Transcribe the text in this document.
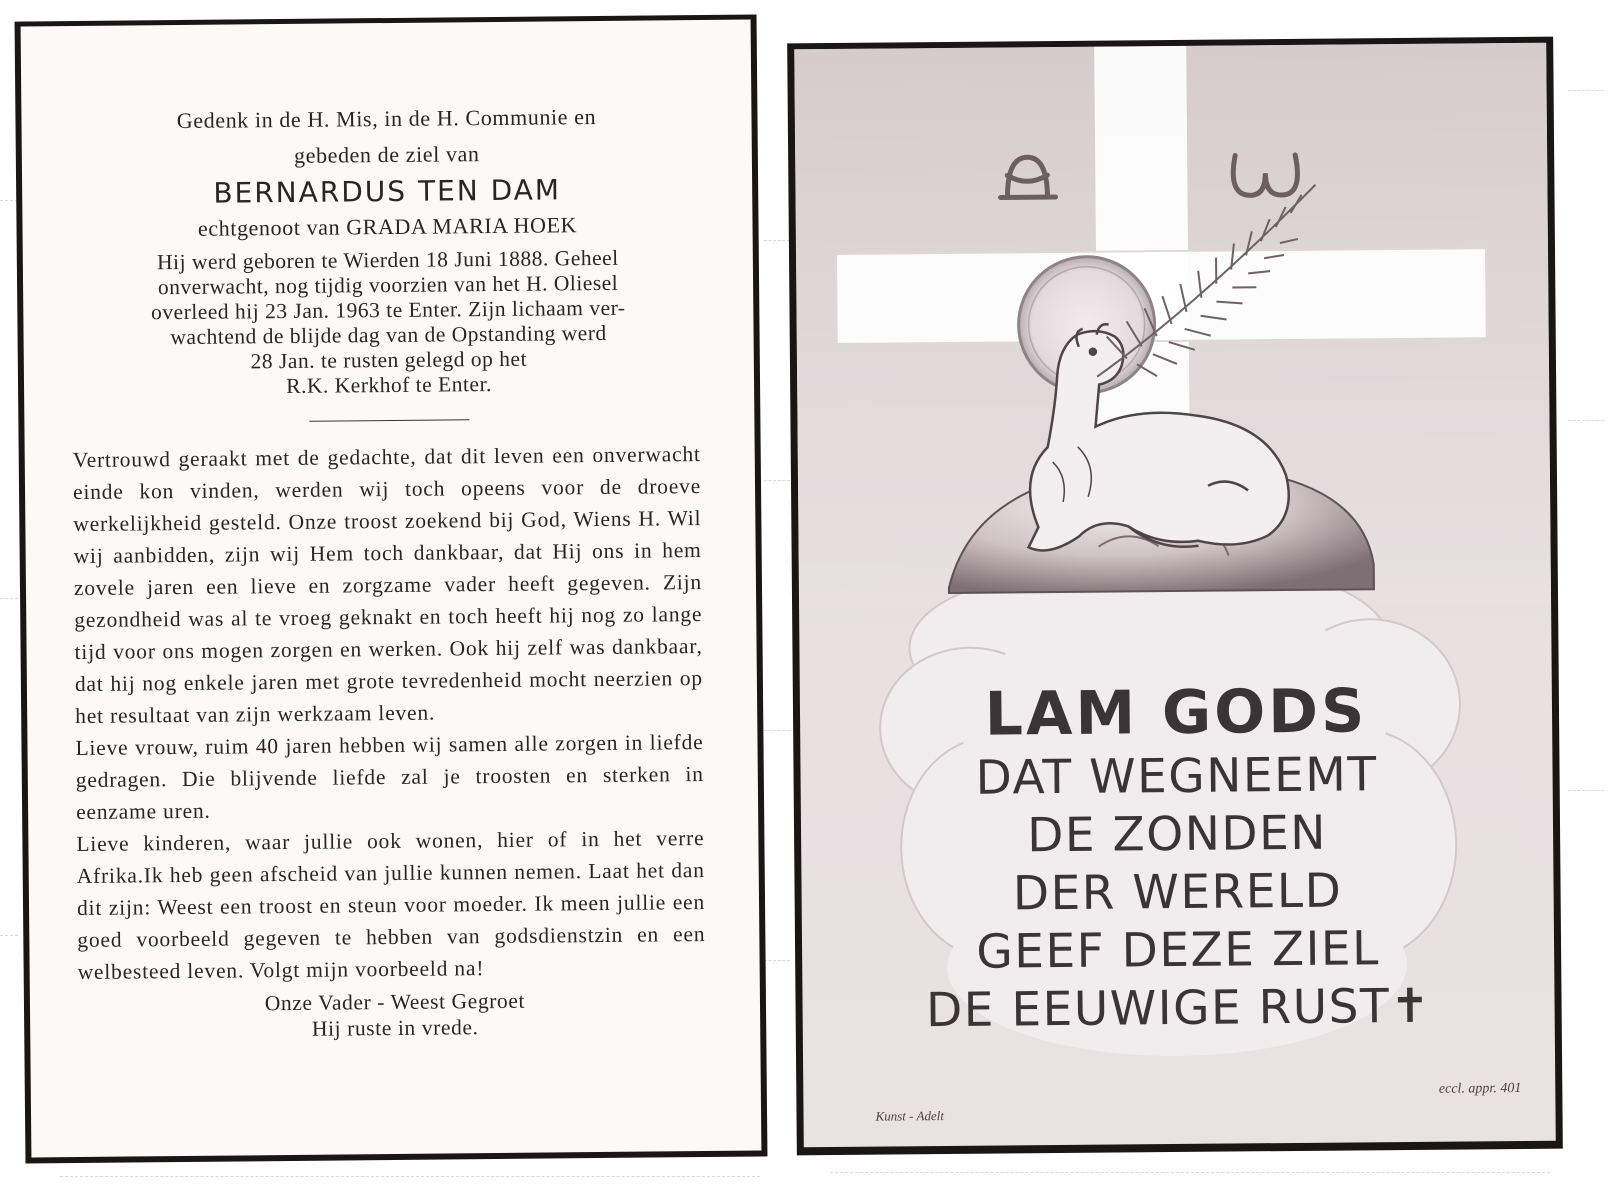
Gedenk in de H. Mis, in de H. Communie en
gebeden de ziel van
BERNARDUS TEN DAM
echtgenoot van GRADA MARIA HOEK
Hij werd geboren te Wierden 18 Juni 1888. Geheel
onverwacht, nog tijdig voorzien van het H. Oliesel
overleed hij 23 Jan. 1963 te Enter. Zijn lichaam ver-
wachtend de blijde dag van de Opstanding werd
28 Jan. te rusten gelegd op het
R.K. Kerkhof te Enter.

Vertrouwd geraakt met de gedachte, dat dit leven een onverwacht einde kon vinden, werden wij toch opeens voor de droeve werkelijkheid gesteld. Onze troost zoekend bij God, Wiens H. Wil wij aanbidden, zijn wij Hem toch dankbaar, dat Hij ons in hem zovele jaren een lieve en zorgzame vader heeft gegeven. Zijn gezondheid was al te vroeg geknakt en toch heeft hij nog zo lange tijd voor ons mogen zorgen en werken. Ook hij zelf was dankbaar, dat hij nog enkele jaren met grote tevredenheid mocht neerzien op het resultaat van zijn werkzaam leven.

Lieve vrouw, ruim 40 jaren hebben wij samen alle zorgen in liefde gedragen. Die blijvende liefde zal je troosten en sterken in eenzame uren.

Lieve kinderen, waar jullie ook wonen, hier of in het verre Afrika.Ik heb geen afscheid van jullie kunnen nemen. Laat het dan dit zijn: Weest een troost en steun voor moeder. Ik meen jullie een goed voorbeeld gegeven te hebben van godsdienstzin en een welbesteed leven. Volgt mijn voorbeeld na!

Onze Vader - Weest Gegroet
Hij ruste in vrede.
LAM GODS
DAT WEGNEEMT
DE ZONDEN
DER WERELD
GEEF DEZE ZIEL
DE EEUWIGE RUST✝
Kunst - Adelt
eccl. appr. 401
